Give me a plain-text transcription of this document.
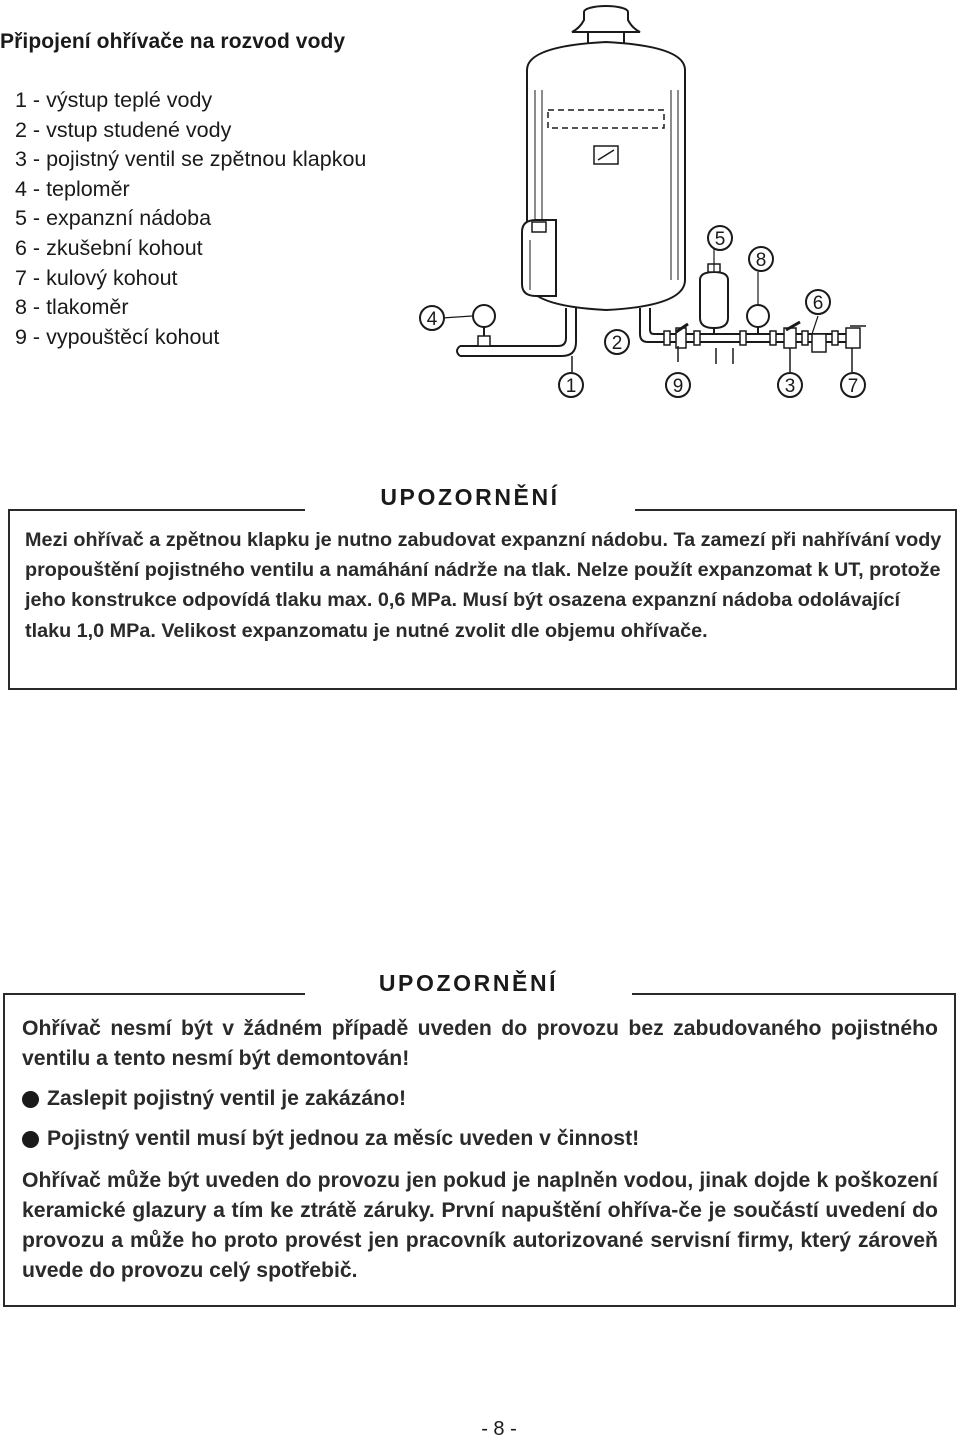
Připojení ohřívače na rozvod vody
1 - výstup teplé vody
2 - vstup studené vody
3 - pojistný ventil se zpětnou klapkou
4 - teploměr
5 - expanzní nádoba
6 - zkušební kohout
7 - kulový kohout
8 - tlakoměr
9 - vypouštěcí kohout
1
2
3
4
5
6
7
8
9
UPOZORNĚNÍ
Mezi ohřívač a zpětnou klapku je nutno zabudovat expanzní nádobu. Ta zamezí při nahřívání vody propouštění pojistného ventilu a namáhání nádrže na tlak. Nelze použít expanzomat k UT, protože jeho konstrukce odpovídá tlaku max. 0,6 MPa. Musí být osazena expanzní nádoba odolávající tlaku 1,0 MPa. Velikost expanzomatu je nutné zvolit dle objemu ohřívače.
UPOZORNĚNÍ

Ohřívač nesmí být v žádném případě uveden do provozu bez zabudovaného pojistného ventilu a tento nesmí být demontován!

Zaslepit pojistný ventil je zakázáno!
Pojistný ventil musí být jednou za měsíc uveden v činnost!

Ohřívač může být uveden do provozu jen pokud je naplněn vodou, jinak dojde k poškození keramické glazury a tím ke ztrátě záruky. První napuštění ohříva-če je součástí uvedení do provozu a může ho proto provést jen pracovník autorizované servisní firmy, který zároveň uvede do provozu celý spotřebič.

- 8 -
